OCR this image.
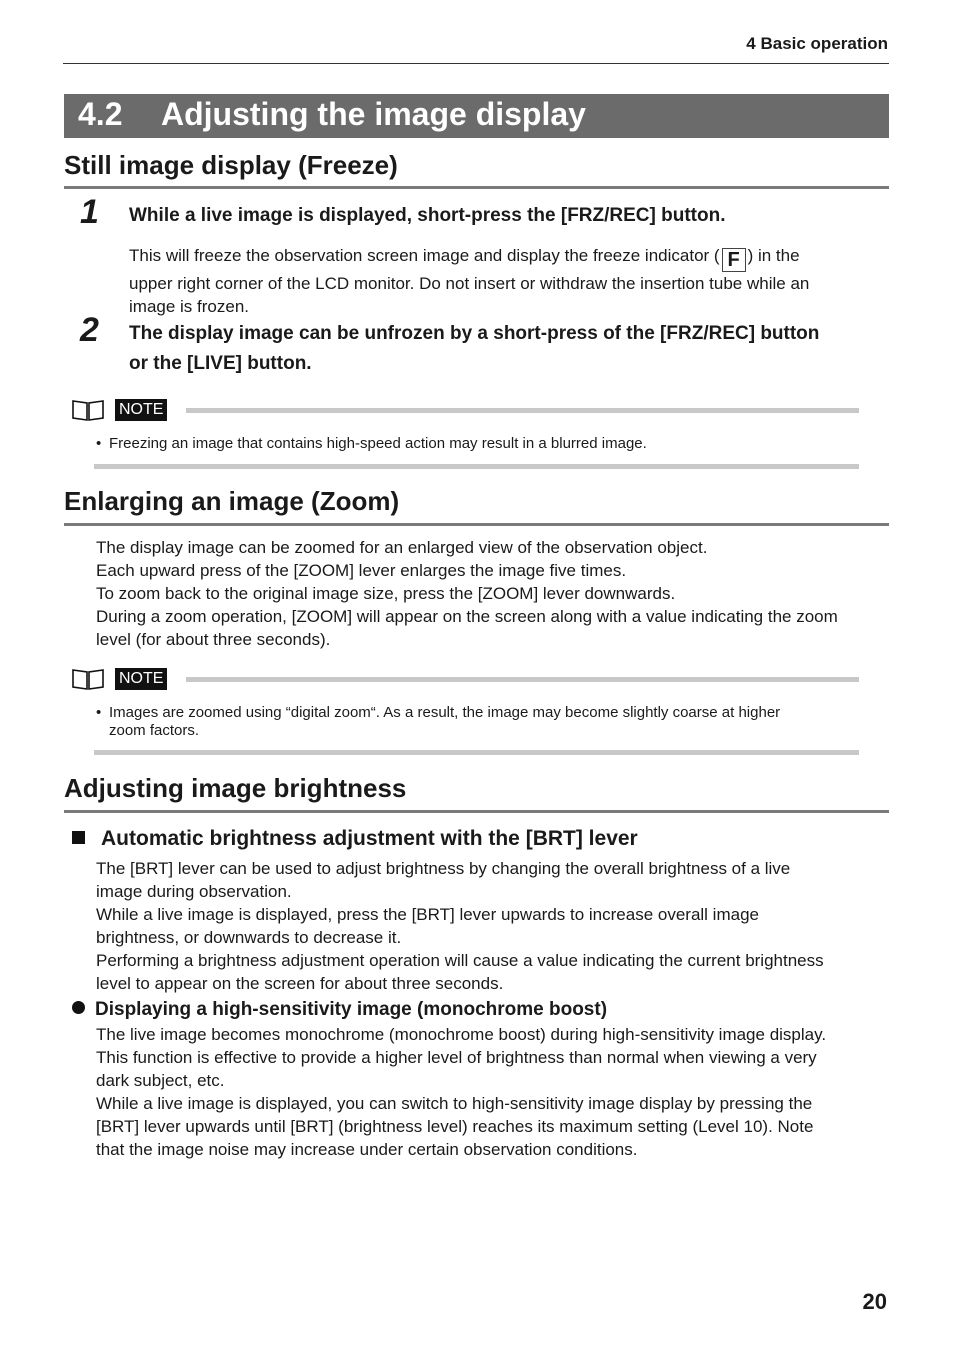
4 Basic operation
4.2 Adjusting the image display
Still image display (Freeze)
1 While a live image is displayed, short-press the [FRZ/REC] button.
This will freeze the observation screen image and display the freeze indicator ( F ) in the
upper right corner of the LCD monitor. Do not insert or withdraw the insertion tube while an
image is frozen.
2 The display image can be unfrozen by a short-press of the [FRZ/REC] button
or the [LIVE] button.
NOTE
• Freezing an image that contains high-speed action may result in a blurred image.
Enlarging an image (Zoom)
The display image can be zoomed for an enlarged view of the observation object.
Each upward press of the [ZOOM] lever enlarges the image five times.
To zoom back to the original image size, press the [ZOOM] lever downwards.
During a zoom operation, [ZOOM] will appear on the screen along with a value indicating the zoom
level (for about three seconds).
NOTE
• Images are zoomed using “digital zoom“. As a result, the image may become slightly coarse at higher
zoom factors.
Adjusting image brightness
Automatic brightness adjustment with the [BRT] lever
The [BRT] lever can be used to adjust brightness by changing the overall brightness of a live
image during observation.
While a live image is displayed, press the [BRT] lever upwards to increase overall image
brightness, or downwards to decrease it.
Performing a brightness adjustment operation will cause a value indicating the current brightness
level to appear on the screen for about three seconds.
Displaying a high-sensitivity image (monochrome boost)
The live image becomes monochrome (monochrome boost) during high-sensitivity image display.
This function is effective to provide a higher level of brightness than normal when viewing a very
dark subject, etc.
While a live image is displayed, you can switch to high-sensitivity image display by pressing the
[BRT] lever upwards until [BRT] (brightness level) reaches its maximum setting (Level 10). Note
that the image noise may increase under certain observation conditions.
20
